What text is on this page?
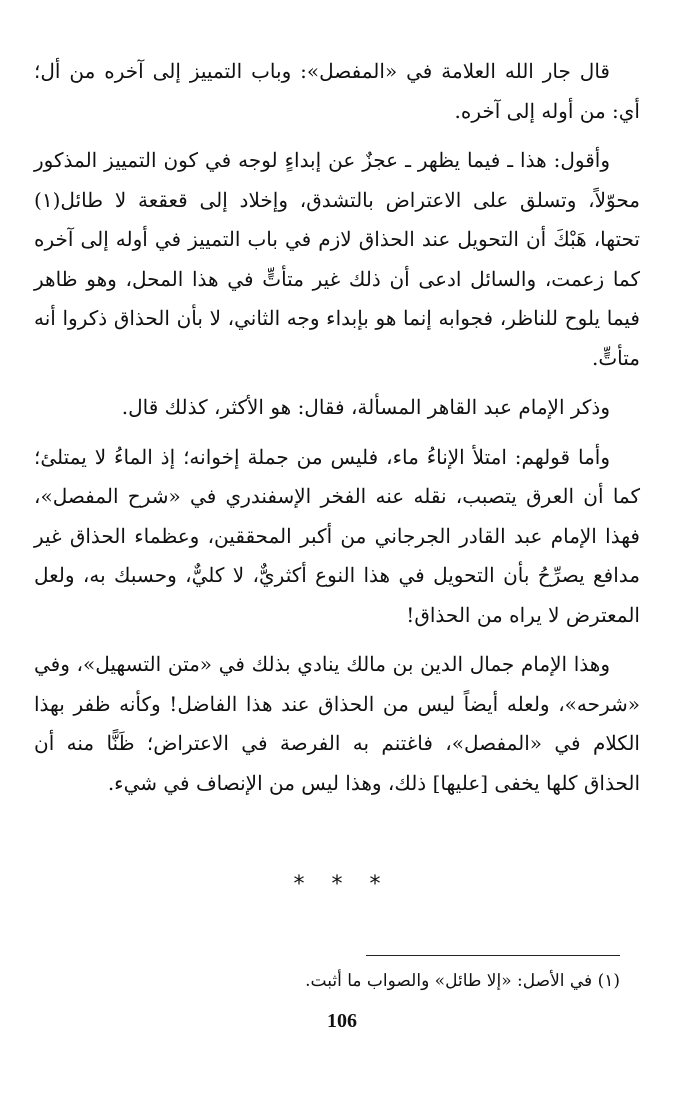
قال جار الله العلامة في «المفصل»: وباب التمييز إلى آخره من أل؛ أي: من أوله إلى آخره.

وأقول: هذا ـ فيما يظهر ـ عجزٌ عن إبداءٍ لوجه في كون التمييز المذكور محوّلاً، وتسلق على الاعتراض بالتشدق، وإخلاد إلى قعقعة لا طائل(١) تحتها، هَبْكَ أن التحويل عند الحذاق لازم في باب التمييز في أوله إلى آخره كما زعمت، والسائل ادعى أن ذلك غير متأتٍّ في هذا المحل، وهو ظاهر فيما يلوح للناظر، فجوابه إنما هو بإبداء وجه الثاني، لا بأن الحذاق ذكروا أنه متأتٍّ.

وذكر الإمام عبد القاهر المسألة، فقال: هو الأكثر، كذلك قال.

وأما قولهم: امتلأ الإناءُ ماء، فليس من جملة إخوانه؛ إذ الماءُ لا يمتلئ؛ كما أن العرق يتصبب، نقله عنه الفخر الإسفندري في «شرح المفصل»، فهذا الإمام عبد القادر الجرجاني من أكبر المحققين، وعظماء الحذاق غير مدافع يصرِّحُ بأن التحويل في هذا النوع أكثريٌّ، لا كليٌّ، وحسبك به، ولعل المعترض لا يراه من الحذاق!

وهذا الإمام جمال الدين بن مالك ينادي بذلك في «متن التسهيل»، وفي «شرحه»، ولعله أيضاً ليس من الحذاق عند هذا الفاضل! وكأنه ظفر بهذا الكلام في «المفصل»، فاغتنم به الفرصة في الاعتراض؛ ظَنًّا منه أن الحذاق كلها يخفى [عليها] ذلك، وهذا ليس من الإنصاف في شيء.

* * *
(١) في الأصل: «إلا طائل» والصواب ما أثبت.
106
